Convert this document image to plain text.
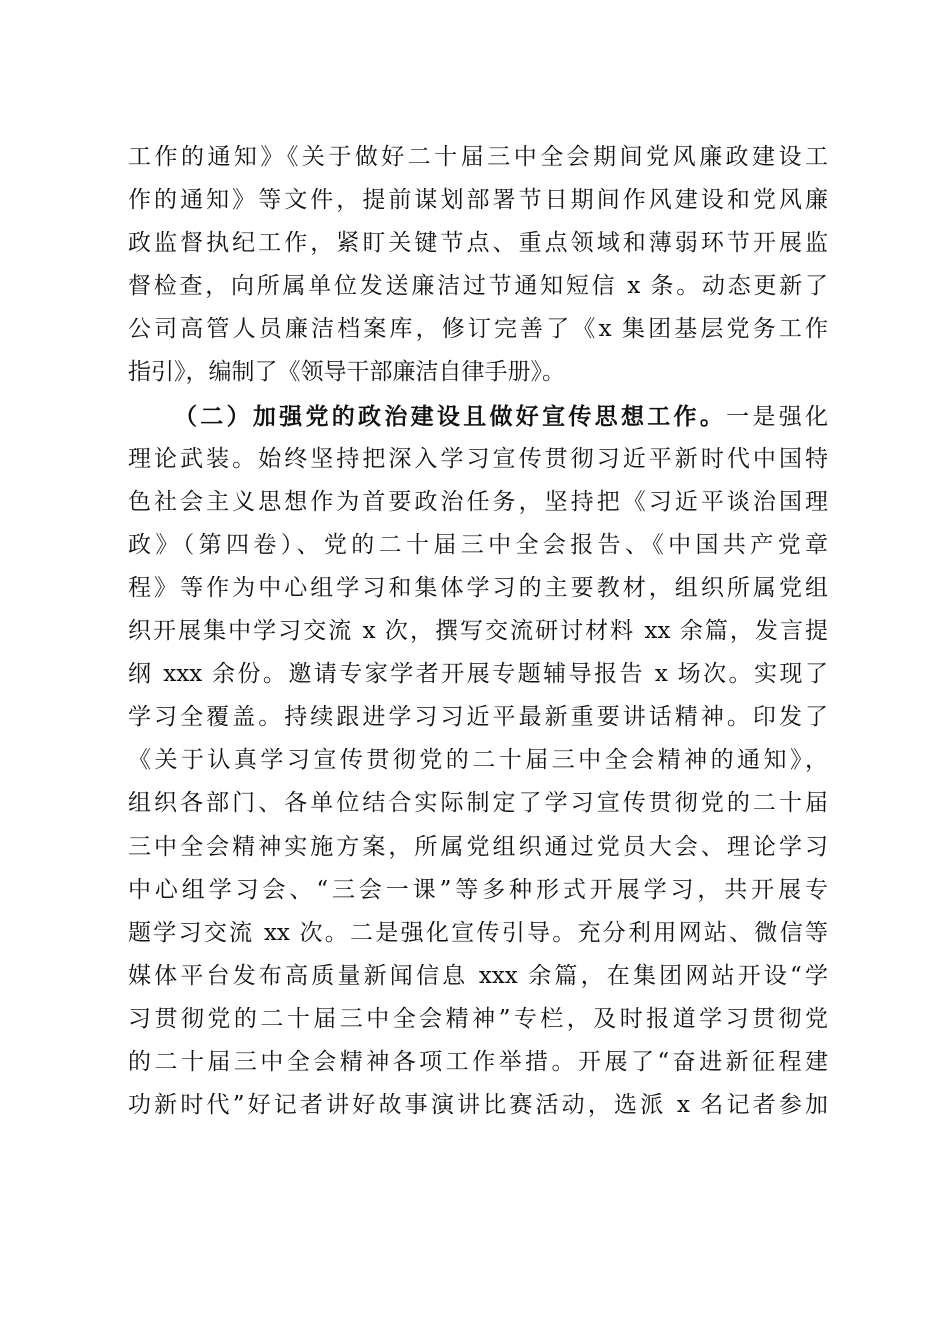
工作的通知》《关于做好二十届三中全会期间党风廉政建设工
作的通知》等文件，提前谋划部署节日期间作风建设和党风廉
政监督执纪工作，紧盯关键节点、重点领域和薄弱环节开展监
督检查，向所属单位发送廉洁过节通知短信 x 条。动态更新了
公司高管人员廉洁档案库，修订完善了《x 集团基层党务工作
指引》，编制了《领导干部廉洁自律手册》。
（二）加强党的政治建设且做好宣传思想工作。一是强化
理论武装。始终坚持把深入学习宣传贯彻习近平新时代中国特
色社会主义思想作为首要政治任务，坚持把《习近平谈治国理
政》（第四卷）、党的二十届三中全会报告、《中国共产党章
程》等作为中心组学习和集体学习的主要教材，组织所属党组
织开展集中学习交流 x 次，撰写交流研讨材料 xx 余篇，发言提
纲 xxx 余份。邀请专家学者开展专题辅导报告 x 场次。实现了
学习全覆盖。持续跟进学习习近平最新重要讲话精神。印发了
《关于认真学习宣传贯彻党的二十届三中全会精神的通知》，
组织各部门、各单位结合实际制定了学习宣传贯彻党的二十届
三中全会精神实施方案，所属党组织通过党员大会、理论学习
中心组学习会、“三会一课”等多种形式开展学习，共开展专
题学习交流 xx 次。二是强化宣传引导。充分利用网站、微信等
媒体平台发布高质量新闻信息 xxx 余篇，在集团网站开设“学
习贯彻党的二十届三中全会精神”专栏，及时报道学习贯彻党
的二十届三中全会精神各项工作举措。开展了“奋进新征程建
功新时代”好记者讲好故事演讲比赛活动，选派 x 名记者参加
